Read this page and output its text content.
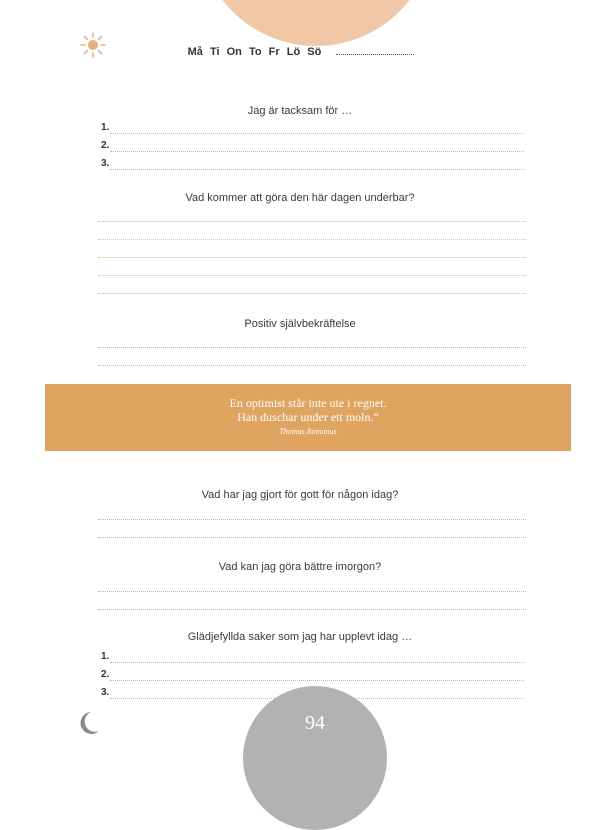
Må Ti On To Fr Lö Sö
Jag är tacksam för …
1.
2.
3.
Vad kommer att göra den här dagen underbar?
Positiv självbekräftelse
En optimist står inte ute i regnet.
Han duschar under ett moln.“
Thomas Romanus
Vad har jag gjort för gott för någon idag?
Vad kan jag göra bättre imorgon?
Glädjefyllda saker som jag har upplevt idag …
1.
2.
3.
94
